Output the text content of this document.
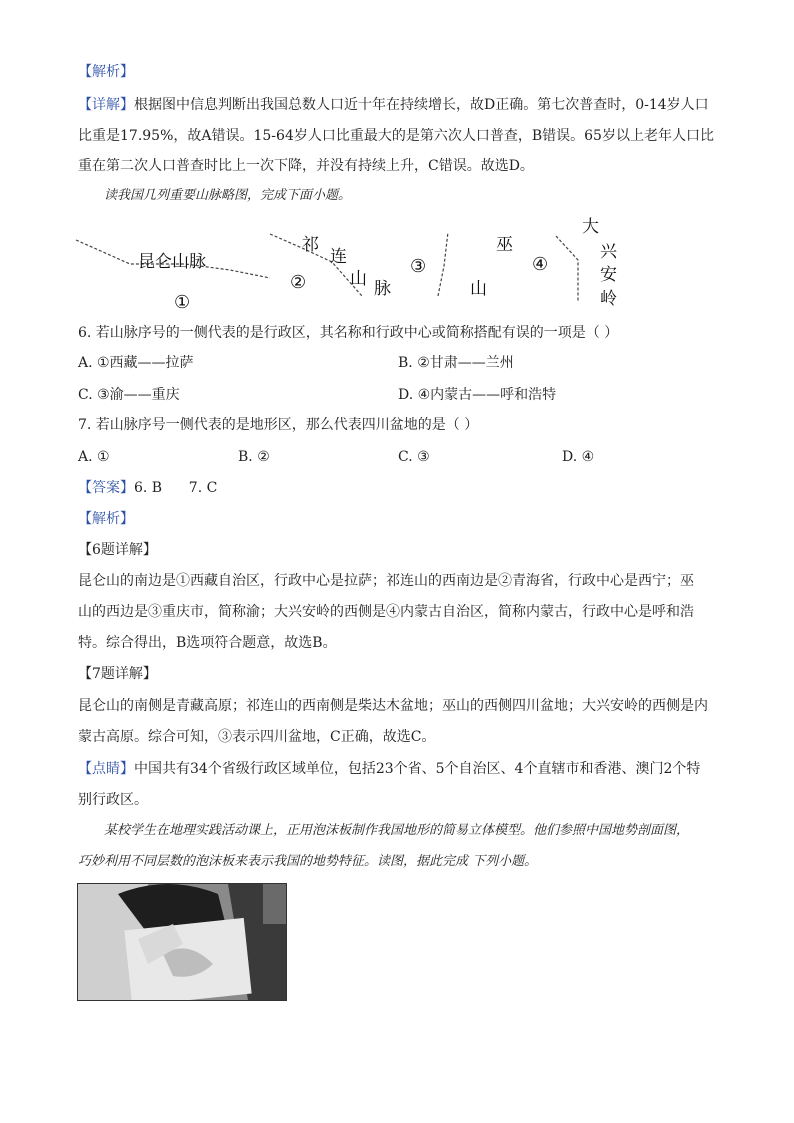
【解析】
【详解】根据图中信息判断出我国总数人口近十年在持续增长，故D正确。第七次普查时，0-14岁人口
比重是17.95%，故A错误。15-64岁人口比重最大的是第六次人口普查，B错误。65岁以上老年人口比
重在第二次人口普查时比上一次下降，并没有持续上升，C错误。故选D。
读我国几列重要山脉略图，完成下面小题。
昆仑山脉
①
祁
连
山 脉
②
③
巫
山
④
大
兴
安
岭
6. 若山脉序号的一侧代表的是行政区，其名称和行政中心或简称搭配有误的一项是（ ）
A. ①西藏——拉萨	B. ②甘肃——兰州
C. ③渝——重庆	D. ④内蒙古——呼和浩特
7. 若山脉序号一侧代表的是地形区，那么代表四川盆地的是（ ）
A. ①	B. ②	C. ③	D. ④
【答案】6. B      7. C
【解析】
【6题详解】
昆仑山的南边是①西藏自治区，行政中心是拉萨；祁连山的西南边是②青海省，行政中心是西宁；巫
山的西边是③重庆市，简称渝；大兴安岭的西侧是④内蒙古自治区，简称内蒙古，行政中心是呼和浩
特。综合得出，B选项符合题意，故选B。
【7题详解】
昆仑山的南侧是青藏高原；祁连山的西南侧是柴达木盆地；巫山的西侧四川盆地；大兴安岭的西侧是内
蒙古高原。综合可知，③表示四川盆地，C正确，故选C。
【点睛】中国共有34个省级行政区域单位，包括23个省、5个自治区、4个直辖市和香港、澳门2个特
别行政区。
某校学生在地理实践活动课上，正用泡沫板制作我国地形的简易立体模型。他们参照中国地势剖面图，
巧妙利用不同层数的泡沫板来表示我国的地势特征。读图，据此完成 下列小题。
